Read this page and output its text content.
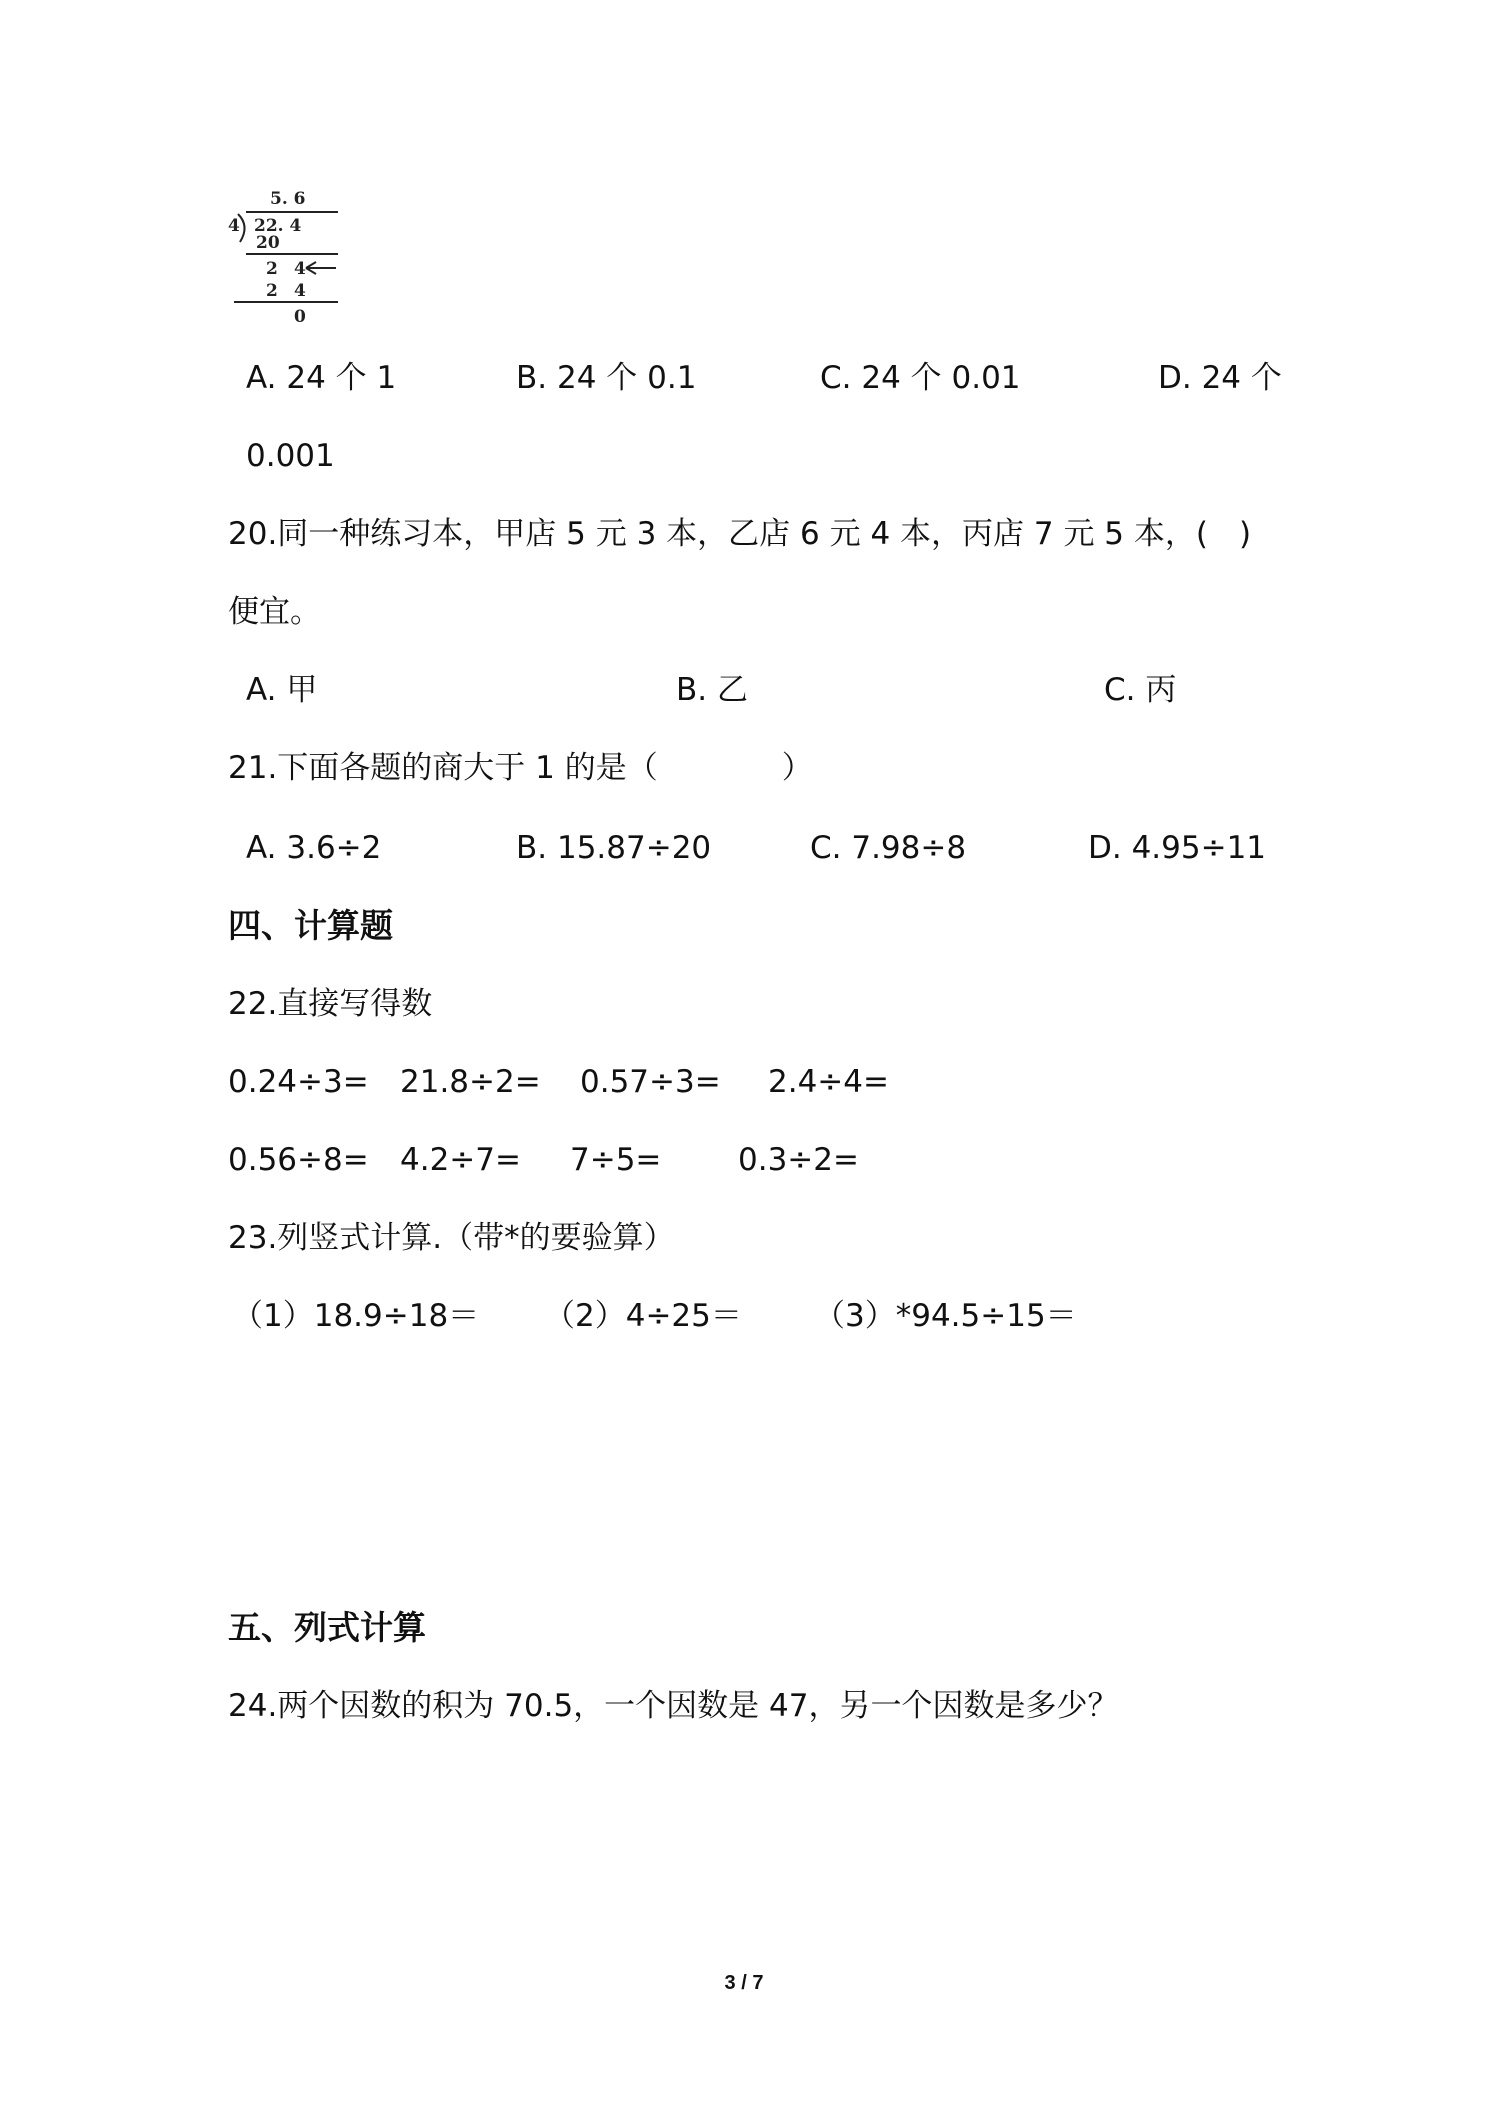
5. 6
4 22. 4
20
2 4
2 4
0
A. 24 个 1	B. 24 个 0.1	C. 24 个 0.01	D. 24 个
0.001
20.同一种练习本，甲店 5 元 3 本，乙店 6 元 4 本，丙店 7 元 5 本，(　)
便宜。
A. 甲	B. 乙	C. 丙
21.下面各题的商大于 1 的是（　　　　）
A. 3.6÷2	B. 15.87÷20	C. 7.98÷8	D. 4.95÷11
四、计算题
22.直接写得数
0.24÷3= 21.8÷2= 0.57÷3= 2.4÷4=
0.56÷8= 4.2÷7= 7÷5= 0.3÷2=
23.列竖式计算.（带*的要验算）
（1）18.9÷18＝ （2）4÷25＝ （3）*94.5÷15＝
五、列式计算
24.两个因数的积为 70.5，一个因数是 47，另一个因数是多少？
3 / 7
